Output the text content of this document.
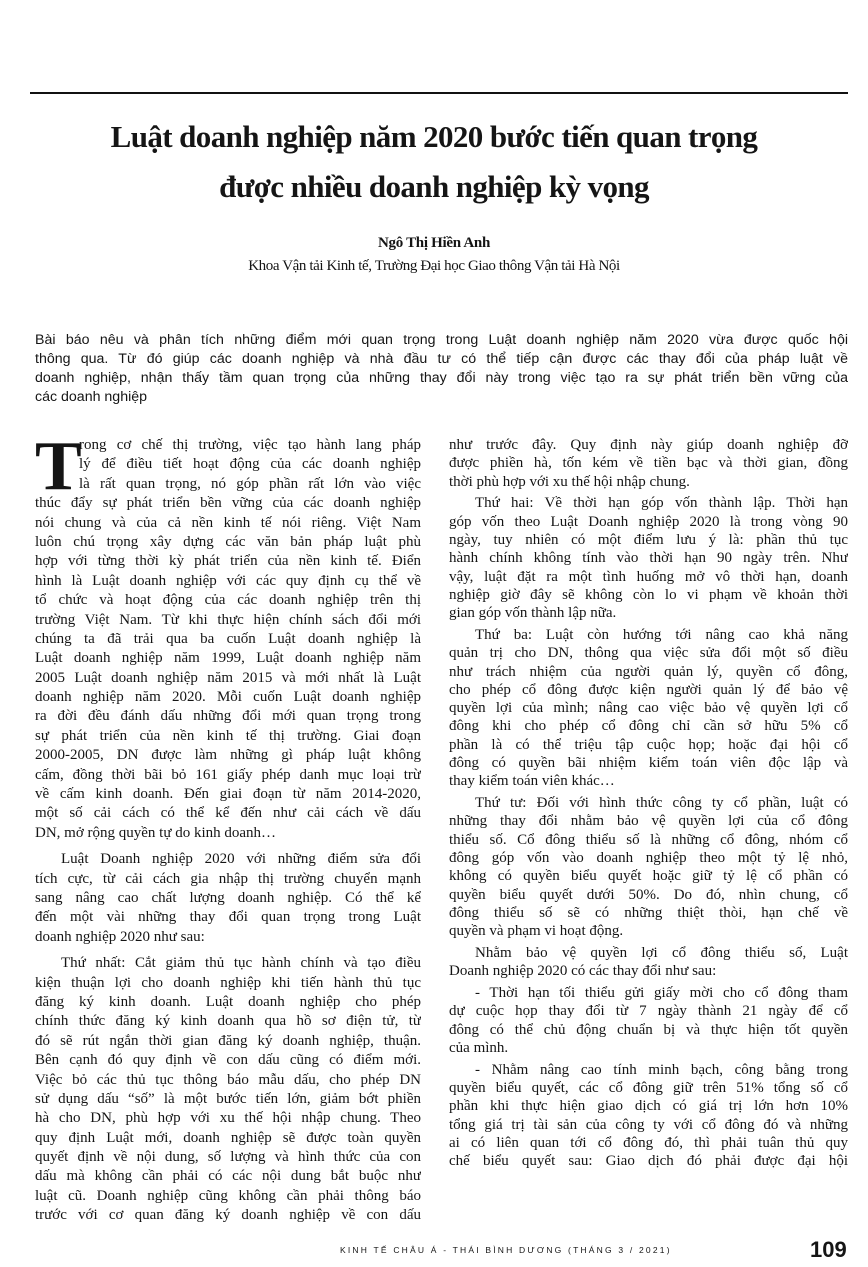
Luật doanh nghiệp năm 2020 bước tiến quan trọng
được nhiều doanh nghiệp kỳ vọng
Ngô Thị Hiền Anh
Khoa Vận tải Kinh tế, Trường Đại học Giao thông Vận tải Hà Nội
Bài báo nêu và phân tích những điểm mới quan trọng trong Luật doanh nghiệp năm 2020 vừa được quốc hội
thông qua. Từ đó giúp các doanh nghiệp và nhà đầu tư có thể tiếp cận được các thay đổi của pháp luật về
doanh nghiệp, nhận thấy tầm quan trọng của những thay đổi này trong việc tạo ra sự phát triển bền vững của
các doanh nghiệp
T
rong cơ chế thị trường, việc tạo hành lang pháp
lý để điều tiết hoạt động của các doanh nghiệp
là rất quan trọng, nó góp phần rất lớn vào việc
thúc đẩy sự phát triển bền vững của các doanh nghiệp
nói chung và của cả nền kinh tế nói riêng. Việt Nam
luôn chú trọng xây dựng các văn bản pháp luật phù
hợp với từng thời kỳ phát triển của nền kinh tế. Điển
hình là Luật doanh nghiệp với các quy định cụ thể về
tổ chức và hoạt động của các doanh nghiệp trên thị
trường Việt Nam. Từ khi thực hiện chính sách đổi mới
chúng ta đã trải qua ba cuốn Luật doanh nghiệp là
Luật doanh nghiệp năm 1999, Luật doanh nghiệp năm
2005 Luật doanh nghiệp năm 2015 và mới nhất là Luật
doanh nghiệp năm 2020. Mỗi cuốn Luật doanh nghiệp
ra đời đều đánh dấu những đổi mới quan trọng trong
sự phát triển của nền kinh tế thị trường. Giai đoạn
2000-2005, DN được làm những gì pháp luật không
cấm, đồng thời bãi bỏ 161 giấy phép danh mục loại trừ
về cấm kinh doanh. Đến giai đoạn từ năm 2014-2020,
một số cải cách có thể kể đến như cải cách về dấu
DN, mở rộng quyền tự do kinh doanh…
Luật Doanh nghiệp 2020 với những điểm sửa đổi
tích cực, từ cải cách gia nhập thị trường chuyển mạnh
sang nâng cao chất lượng doanh nghiệp. Có thể kể
đến một vài những thay đổi quan trọng trong Luật
doanh nghiệp 2020 như sau:
Thứ nhất: Cắt giảm thủ tục hành chính và tạo điều
kiện thuận lợi cho doanh nghiệp khi tiến hành thủ tục
đăng ký kinh doanh. Luật doanh nghiệp cho phép
chính thức đăng ký kinh doanh qua hồ sơ điện tử, từ
đó sẽ rút ngắn thời gian đăng ký doanh nghiệp, thuận.
Bên cạnh đó quy định về con dấu cũng có điểm mới.
Việc bỏ các thủ tục thông báo mẫu dấu, cho phép DN
sử dụng dấu “số” là một bước tiến lớn, giảm bớt phiền
hà cho DN, phù hợp với xu thế hội nhập chung. Theo
quy định Luật mới, doanh nghiệp sẽ được toàn quyền
quyết định về nội dung, số lượng và hình thức của con
dấu mà không cần phải có các nội dung bắt buộc như
luật cũ. Doanh nghiệp cũng không cần phải thông báo
trước với cơ quan đăng ký doanh nghiệp về con dấu
như trước đây. Quy định này giúp doanh nghiệp đỡ
được phiền hà, tốn kém về tiền bạc và thời gian, đồng
thời phù hợp với xu thế hội nhập chung.
Thứ hai: Về thời hạn góp vốn thành lập. Thời hạn
góp vốn theo Luật Doanh nghiệp 2020 là trong vòng 90
ngày, tuy nhiên có một điểm lưu ý là: phần thủ tục
hành chính không tính vào thời hạn 90 ngày trên. Như
vậy, luật đặt ra một tình huống mở vô thời hạn, doanh
nghiệp giờ đây sẽ không còn lo vi phạm về khoản thời
gian góp vốn thành lập nữa.
Thứ ba: Luật còn hướng tới nâng cao khả năng
quản trị cho DN, thông qua việc sửa đổi một số điều
như trách nhiệm của người quản lý, quyền cổ đông,
cho phép cổ đông được kiện người quản lý để bảo vệ
quyền lợi của mình; nâng cao việc bảo vệ quyền lợi cổ
đông khi cho phép cổ đông chỉ cần sở hữu 5% cổ
phần là có thể triệu tập cuộc họp; hoặc đại hội cổ
đông có quyền bãi nhiệm kiểm toán viên độc lập và
thay kiểm toán viên khác…
Thứ tư: Đối với hình thức công ty cổ phần, luật có
những thay đổi nhằm bảo vệ quyền lợi của cổ đông
thiểu số. Cổ đông thiểu số là những cổ đông, nhóm cổ
đông góp vốn vào doanh nghiệp theo một tỷ lệ nhỏ,
không có quyền biểu quyết hoặc giữ tỷ lệ cổ phần có
quyền biểu quyết dưới 50%. Do đó, nhìn chung, cổ
đông thiểu số sẽ có những thiệt thòi, hạn chế về
quyền và phạm vi hoạt động.
Nhằm bảo vệ quyền lợi cổ đông thiểu số, Luật
Doanh nghiệp 2020 có các thay đổi như sau:
- Thời hạn tối thiểu gửi giấy mời cho cổ đông tham
dự cuộc họp thay đổi từ 7 ngày thành 21 ngày để cổ
đông có thể chủ động chuẩn bị và thực hiện tốt quyền
của mình.
- Nhằm nâng cao tính minh bạch, công bằng trong
quyền biểu quyết, các cổ đông giữ trên 51% tổng số cổ
phần khi thực hiện giao dịch có giá trị lớn hơn 10%
tổng giá trị tài sản của công ty với cổ đông đó và những
ai có liên quan tới cổ đông đó, thì phải tuân thủ quy
chế biểu quyết sau: Giao dịch đó phải được đại hội
KINH TẾ CHÂU Á - THÁI BÌNH DƯƠNG (THÁNG 3 / 2021)	109
